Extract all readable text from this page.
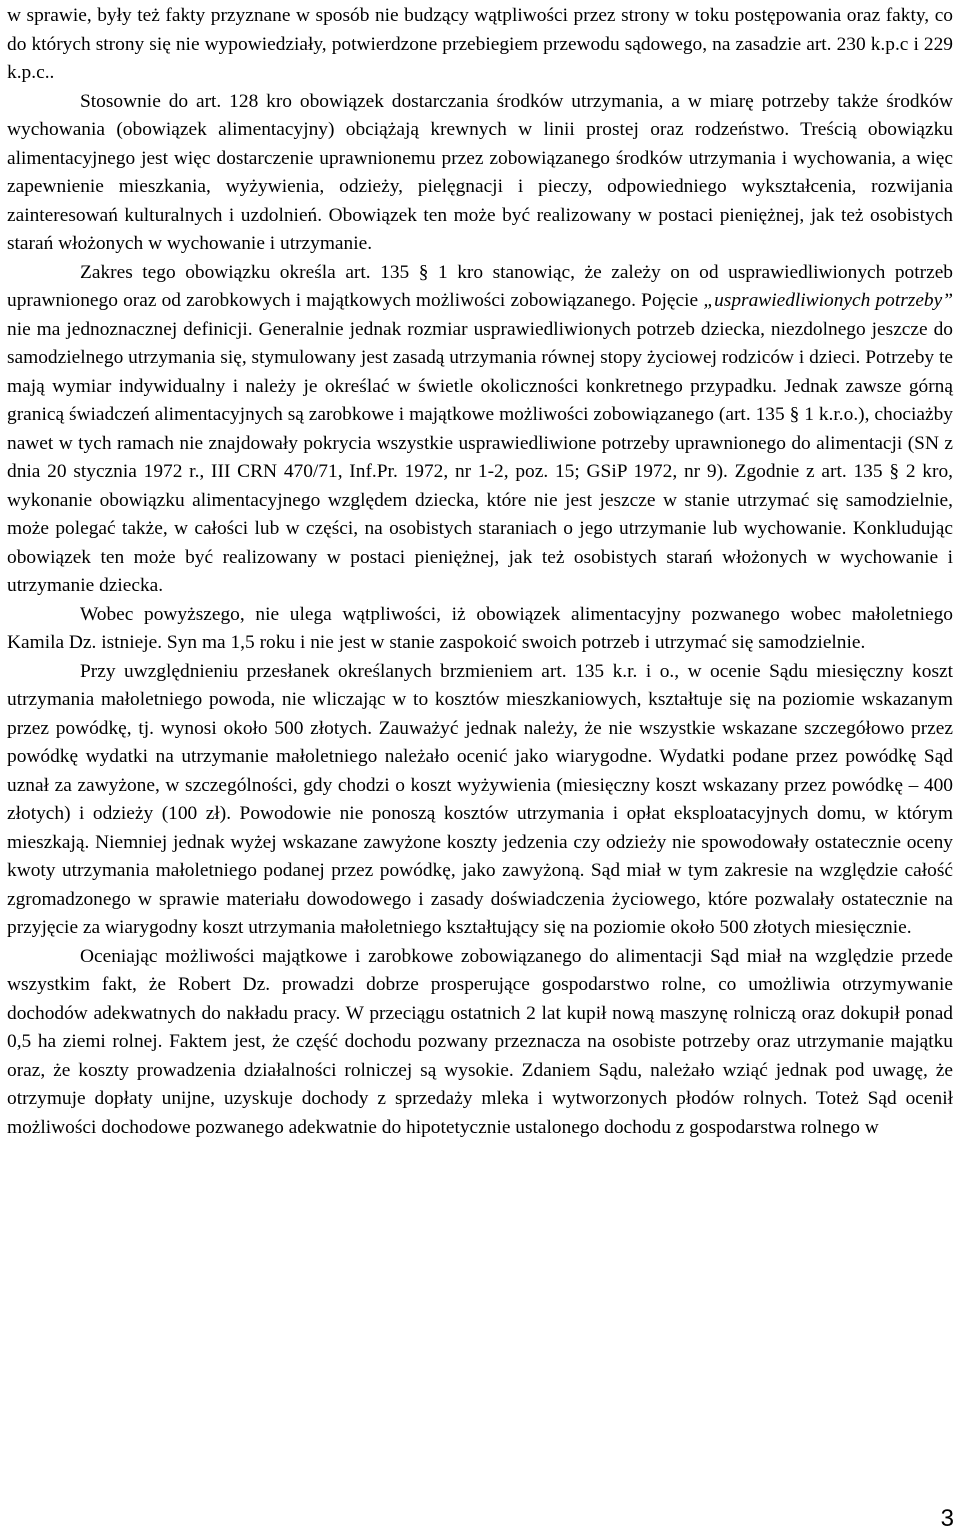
w sprawie, były też fakty przyznane w sposób nie budzący wątpliwości przez strony w toku postępowania oraz fakty, co do których strony się nie wypowiedziały, potwierdzone przebiegiem przewodu sądowego, na zasadzie art. 230 k.p.c i 229 k.p.c..

Stosownie do art. 128 kro obowiązek dostarczania środków utrzymania, a w miarę potrzeby także środków wychowania (obowiązek alimentacyjny) obciążają krewnych w linii prostej oraz rodzeństwo. Treścią obowiązku alimentacyjnego jest więc dostarczenie uprawnionemu przez zobowiązanego środków utrzymania i wychowania, a więc zapewnienie mieszkania, wyżywienia, odzieży, pielęgnacji i pieczy, odpowiedniego wykształcenia, rozwijania zainteresowań kulturalnych i uzdolnień. Obowiązek ten może być realizowany w postaci pieniężnej, jak też osobistych starań włożonych w wychowanie i utrzymanie.

Zakres tego obowiązku określa art. 135 § 1 kro stanowiąc, że zależy on od usprawiedliwionych potrzeb uprawnionego oraz od zarobkowych i majątkowych możliwości zobowiązanego. Pojęcie „usprawiedliwionych potrzeby” nie ma jednoznacznej definicji. Generalnie jednak rozmiar usprawiedliwionych potrzeb dziecka, niezdolnego jeszcze do samodzielnego utrzymania się, stymulowany jest zasadą utrzymania równej stopy życiowej rodziców i dzieci. Potrzeby te mają wymiar indywidualny i należy je określać w świetle okoliczności konkretnego przypadku. Jednak zawsze górną granicą świadczeń alimentacyjnych są zarobkowe i majątkowe możliwości zobowiązanego (art. 135 § 1 k.r.o.), chociażby nawet w tych ramach nie znajdowały pokrycia wszystkie usprawiedliwione potrzeby uprawnionego do alimentacji (SN z dnia 20 stycznia 1972 r., III CRN 470/71, Inf.Pr. 1972, nr 1-2, poz. 15; GSiP 1972, nr 9). Zgodnie z art. 135 § 2 kro, wykonanie obowiązku alimentacyjnego względem dziecka, które nie jest jeszcze w stanie utrzymać się samodzielnie, może polegać także, w całości lub w części, na osobistych staraniach o jego utrzymanie lub wychowanie. Konkludując obowiązek ten może być realizowany w postaci pieniężnej, jak też osobistych starań włożonych w wychowanie i utrzymanie dziecka.

Wobec powyższego, nie ulega wątpliwości, iż obowiązek alimentacyjny pozwanego wobec małoletniego Kamila Dz. istnieje. Syn ma 1,5 roku i nie jest w stanie zaspokoić swoich potrzeb i utrzymać się samodzielnie.

Przy uwzględnieniu przesłanek określanych brzmieniem art. 135 k.r. i o., w ocenie Sądu miesięczny koszt utrzymania małoletniego powoda, nie wliczając w to kosztów mieszkaniowych, kształtuje się na poziomie wskazanym przez powódkę, tj. wynosi około 500 złotych. Zauważyć jednak należy, że nie wszystkie wskazane szczegółowo przez powódkę wydatki na utrzymanie małoletniego należało ocenić jako wiarygodne. Wydatki podane przez powódkę Sąd uznał za zawyżone, w szczególności, gdy chodzi o koszt wyżywienia (miesięczny koszt wskazany przez powódkę – 400 złotych) i odzieży (100 zł). Powodowie nie ponoszą kosztów utrzymania i opłat eksploatacyjnych domu, w którym mieszkają. Niemniej jednak wyżej wskazane zawyżone koszty jedzenia czy odzieży nie spowodowały ostatecznie oceny kwoty utrzymania małoletniego podanej przez powódkę, jako zawyżoną. Sąd miał w tym zakresie na względzie całość zgromadzonego w sprawie materiału dowodowego i zasady doświadczenia życiowego, które pozwalały ostatecznie na przyjęcie za wiarygodny koszt utrzymania małoletniego kształtujący się na poziomie około 500 złotych miesięcznie.

Oceniając możliwości majątkowe i zarobkowe zobowiązanego do alimentacji Sąd miał na względzie przede wszystkim fakt, że Robert Dz. prowadzi dobrze prosperujące gospodarstwo rolne, co umożliwia otrzymywanie dochodów adekwatnych do nakładu pracy. W przeciągu ostatnich 2 lat kupił nową maszynę rolniczą oraz dokupił ponad 0,5 ha ziemi rolnej. Faktem jest, że część dochodu pozwany przeznacza na osobiste potrzeby oraz utrzymanie majątku oraz, że koszty prowadzenia działalności rolniczej są wysokie. Zdaniem Sądu, należało wziąć jednak pod uwagę, że otrzymuje dopłaty unijne, uzyskuje dochody z sprzedaży mleka i wytworzonych płodów rolnych. Toteż Sąd ocenił możliwości dochodowe pozwanego adekwatnie do hipotetycznie ustalonego dochodu z gospodarstwa rolnego w

3
